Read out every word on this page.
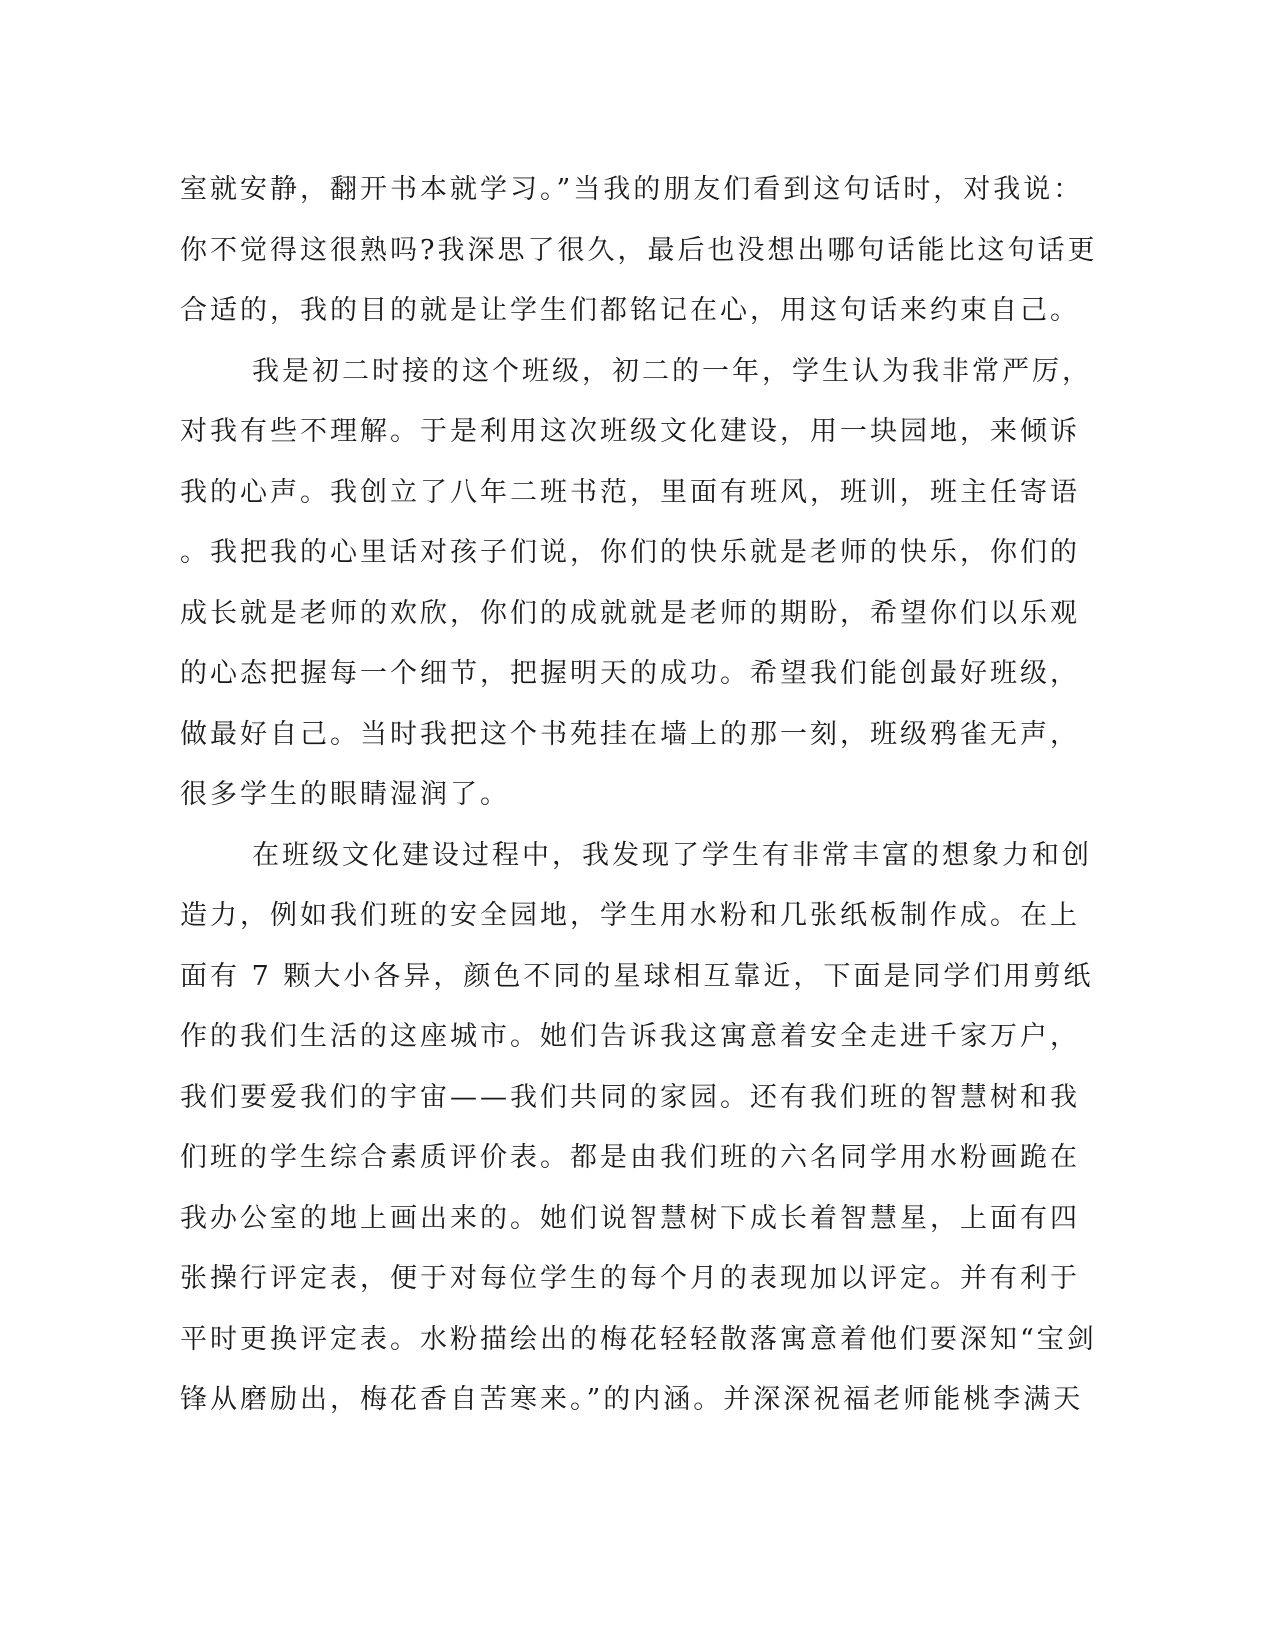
室就安静，翻开书本就学习。”当我的朋友们看到这句话时，对我说：
你不觉得这很熟吗?我深思了很久，最后也没想出哪句话能比这句话更
合适的，我的目的就是让学生们都铭记在心，用这句话来约束自己。
我是初二时接的这个班级，初二的一年，学生认为我非常严厉，
对我有些不理解。于是利用这次班级文化建设，用一块园地，来倾诉
我的心声。我创立了八年二班书范，里面有班风，班训，班主任寄语
。我把我的心里话对孩子们说，你们的快乐就是老师的快乐，你们的
成长就是老师的欢欣，你们的成就就是老师的期盼，希望你们以乐观
的心态把握每一个细节，把握明天的成功。希望我们能创最好班级，
做最好自己。当时我把这个书苑挂在墙上的那一刻，班级鸦雀无声，
很多学生的眼睛湿润了。
在班级文化建设过程中，我发现了学生有非常丰富的想象力和创
造力，例如我们班的安全园地，学生用水粉和几张纸板制作成。在上
面有 7 颗大小各异，颜色不同的星球相互靠近，下面是同学们用剪纸
作的我们生活的这座城市。她们告诉我这寓意着安全走进千家万户，
我们要爱我们的宇宙——我们共同的家园。还有我们班的智慧树和我
们班的学生综合素质评价表。都是由我们班的六名同学用水粉画跪在
我办公室的地上画出来的。她们说智慧树下成长着智慧星，上面有四
张操行评定表，便于对每位学生的每个月的表现加以评定。并有利于
平时更换评定表。水粉描绘出的梅花轻轻散落寓意着他们要深知“宝剑
锋从磨励出，梅花香自苦寒来。”的内涵。并深深祝福老师能桃李满天
